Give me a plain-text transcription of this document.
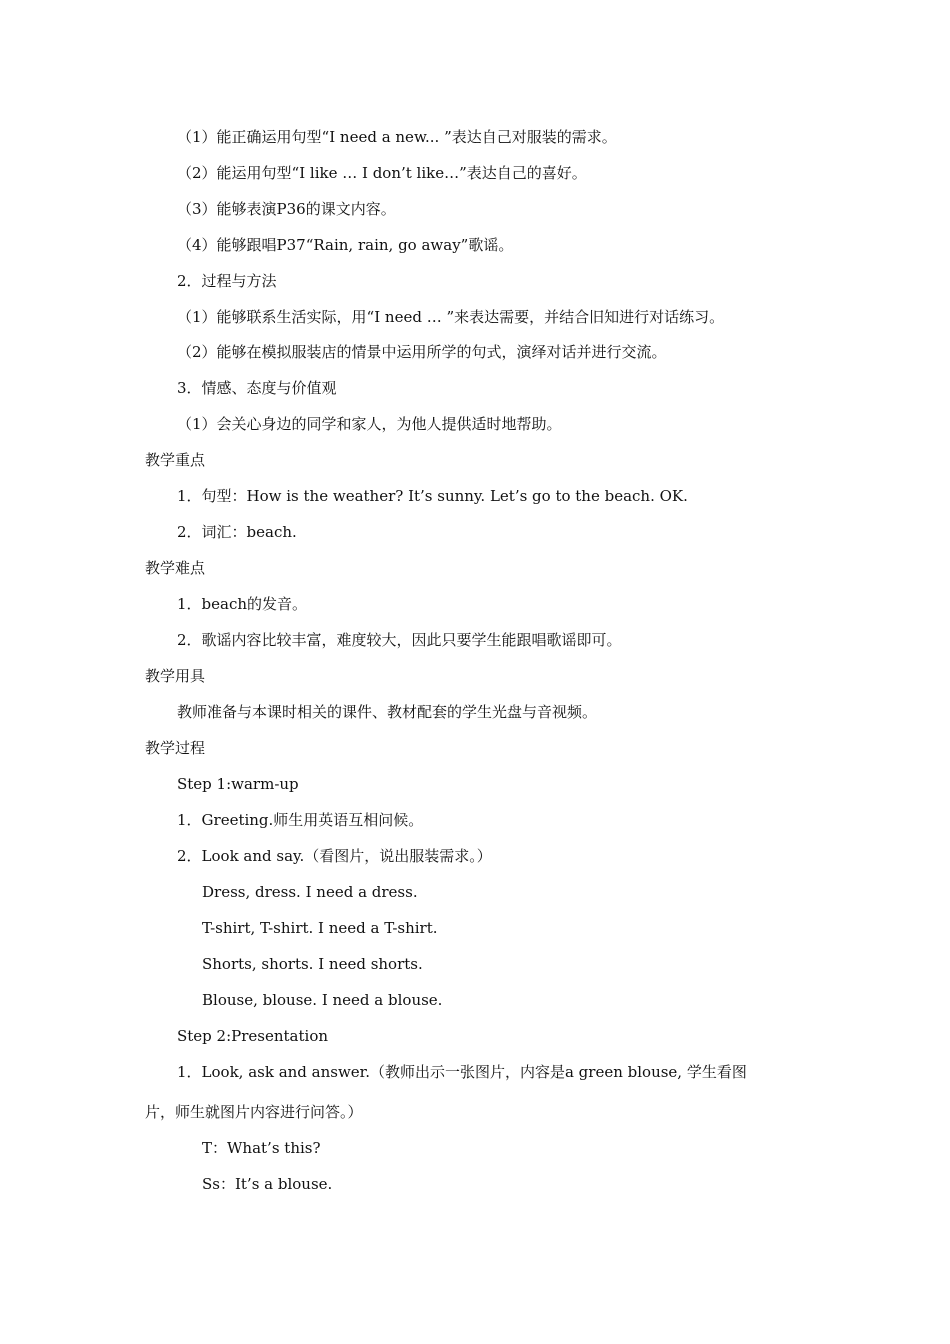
（1）能正确运用句型“I need a new... ”表达自己对服装的需求。

（2）能运用句型“I like … I don’t like…”表达自己的喜好。

（3）能够表演P36的课文内容。

（4）能够跟唱P37“Rain, rain, go away”歌谣。

2．过程与方法

（1）能够联系生活实际，用“I need … ”来表达需要，并结合旧知进行对话练习。

（2）能够在模拟服装店的情景中运用所学的句式，演绎对话并进行交流。

3．情感、态度与价值观

（1）会关心身边的同学和家人，为他人提供适时地帮助。

教学重点

1．句型：How is the weather? It’s sunny. Let’s go to the beach. OK.

2．词汇：beach.

教学难点

1．beach的发音。

2．歌谣内容比较丰富，难度较大，因此只要学生能跟唱歌谣即可。

教学用具

教师准备与本课时相关的课件、教材配套的学生光盘与音视频。

教学过程

Step 1:warm-up

1．Greeting.师生用英语互相问候。

2．Look and say.（看图片，说出服装需求。）

Dress, dress. I need a dress.

T-shirt, T-shirt. I need a T-shirt.

Shorts, shorts. I need shorts.

Blouse, blouse. I need a blouse.

Step 2:Presentation

1．Look, ask and answer.（教师出示一张图片，内容是a green blouse, 学生看图

片，师生就图片内容进行问答。）

T：What’s this?

Ss：It’s a blouse.
